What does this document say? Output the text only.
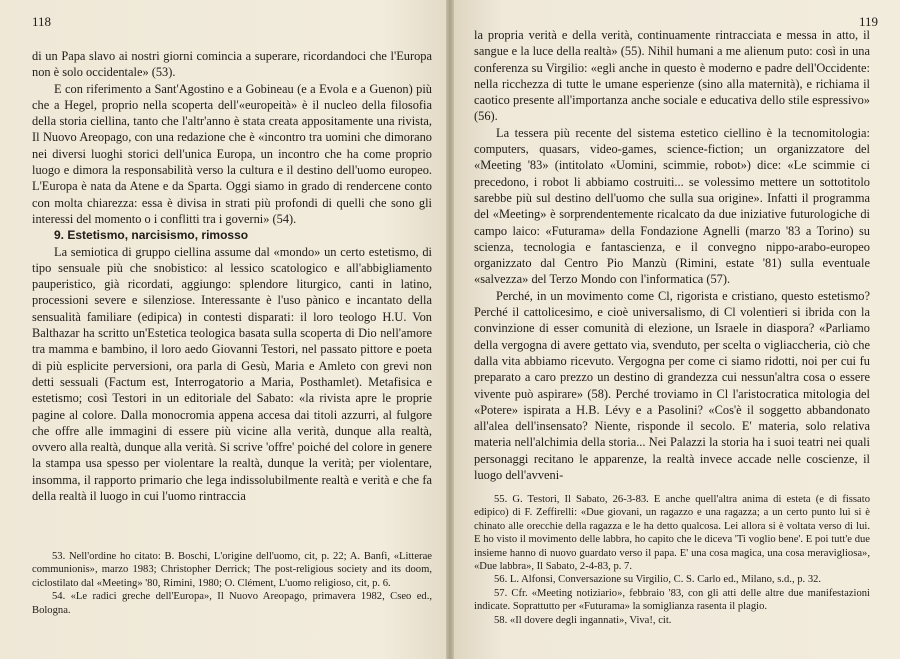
118

di un Papa slavo ai nostri giorni comincia a superare, ricordandoci che l'Europa non è solo occidentale» (53).

E con riferimento a Sant'Agostino e a Gobineau (e a Evola e a Guenon) più che a Hegel, proprio nella scoperta dell'«europeità» è il nucleo della filosofia della storia ciellina, tanto che l'altr'anno è stata creata appositamente una rivista, Il Nuovo Areopago, con una redazione che è «incontro tra uomini che dimorano nei diversi luoghi storici dell'unica Europa, un incontro che ha come proprio luogo e dimora la responsabilità verso la cultura e il destino dell'uomo europeo. L'Europa è nata da Atene e da Sparta. Oggi siamo in grado di rendercene conto con molta chiarezza: essa è divisa in strati più profondi di quelli che sono gli interessi del momento o i conflitti tra i governi» (54).

9. Estetismo, narcisismo, rimosso

La semiotica di gruppo ciellina assume dal «mondo» un certo estetismo, di tipo sensuale più che snobistico: al lessico scatologico e all'abbigliamento pauperistico, già ricordati, aggiungo: splendore liturgico, canti in latino, processioni severe e silenziose. Interessante è l'uso pànico e incantato della sensualità familiare (edipica) in contesti disparati: il loro teologo H.U. Von Balthazar ha scritto un'Estetica teologica basata sulla scoperta di Dio nell'amore tra mamma e bambino, il loro aedo Giovanni Testori, nel passato pittore e poeta di più esplicite perversioni, ora parla di Gesù, Maria e Amleto con grevi non detti sessuali (Factum est, Interrogatorio a Maria, Posthamlet). Metafisica e estetismo; così Testori in un editoriale del Sabato: «la rivista apre le proprie pagine al colore. Dalla monocromia appena accesa dai titoli azzurri, al fulgore che offre alle immagini di essere più vicine alla verità, dunque alla realtà, ovvero alla realtà, dunque alla verità. Si scrive 'offre' poiché del colore in genere la stampa usa spesso per violentare la realtà, dunque la verità; per violentare, insomma, il rapporto primario che lega indissolubilmente realtà e verità e che fa della realtà il luogo in cui l'uomo rintraccia

53. Nell'ordine ho citato: B. Boschi, L'origine dell'uomo, cit, p. 22; A. Banfi, «Litterae communionis», marzo 1983; Christopher Derrick; The post-religious society and its doom, ciclostilato dal «Meeting» '80, Rimini, 1980; O. Clément, L'uomo religioso, cit, p. 6.

54. «Le radici greche dell'Europa», Il Nuovo Areopago, primavera 1982, Cseo ed., Bologna.

119

la propria verità e della verità, continuamente rintracciata e messa in atto, il sangue e la luce della realtà» (55). Nihil humani a me alienum puto: così in una conferenza su Virgilio: «egli anche in questo è moderno e padre dell'Occidente: nella ricchezza di tutte le umane esperienze (sino alla maternità), e richiama il caotico presente all'importanza anche sociale e educativa dello stile espressivo» (56).

La tessera più recente del sistema estetico ciellino è la tecnomitologia: computers, quasars, video-games, science-fiction; un organizzatore del «Meeting '83» (intitolato «Uomini, scimmie, robot») dice: «Le scimmie ci precedono, i robot li abbiamo costruiti... se volessimo mettere un sottotitolo sarebbe più sul destino dell'uomo che sulla sua origine». Infatti il programma del «Meeting» è sorprendentemente ricalcato da due iniziative futurologiche di campo laico: «Futurama» della Fondazione Agnelli (marzo '83 a Torino) su scienza, tecnologia e fantascienza, e il convegno nippo-arabo-europeo organizzato dal Centro Pio Manzù (Rimini, estate '81) sulla eventuale «salvezza» del Terzo Mondo con l'informatica (57).

Perché, in un movimento come Cl, rigorista e cristiano, questo estetismo? Perché il cattolicesimo, e cioè universalismo, di Cl volentieri si ibrida con la convinzione di esser comunità di elezione, un Israele in diaspora? «Parliamo della vergogna di avere gettato via, svenduto, per scelta o vigliaccheria, ciò che dalla vita abbiamo ricevuto. Vergogna per come ci siamo ridotti, noi per cui fu preparato a caro prezzo un destino di grandezza cui nessun'altra cosa o essere vivente può aspirare» (58). Perché troviamo in Cl l'aristocratica mitologia del «Potere» ispirata a H.B. Lévy e a Pasolini? «Cos'è il soggetto abbandonato all'alea dell'insensato? Niente, risponde il secolo. E' materia, solo relativa materia nell'alchimia della storia... Nei Palazzi la storia ha i suoi teatri nei quali personaggi recitano le apparenze, la realtà invece accade nelle coscienze, il luogo dell'avveni-

55. G. Testori, Il Sabato, 26-3-83. E anche quell'altra anima di esteta (e di fissato edipico) di F. Zeffirelli: «Due giovani, un ragazzo e una ragazza; a un certo punto lui si è chinato alle orecchie della ragazza e le ha detto qualcosa. Lei allora si è voltata verso di lui. E ho visto il movimento delle labbra, ho capito che le diceva 'Ti voglio bene'. E poi tutt'e due insieme hanno di nuovo guardato verso il papa. E' una cosa magica, una cosa meravigliosa», «Due labbra», Il Sabato, 2-4-83, p. 7.

56. L. Alfonsi, Conversazione su Virgilio, C. S. Carlo ed., Milano, s.d., p. 32.

57. Cfr. «Meeting notiziario», febbraio '83, con gli atti delle altre due manifestazioni indicate. Soprattutto per «Futurama» la somiglianza rasenta il plagio.

58. «Il dovere degli ingannati», Viva!, cit.
